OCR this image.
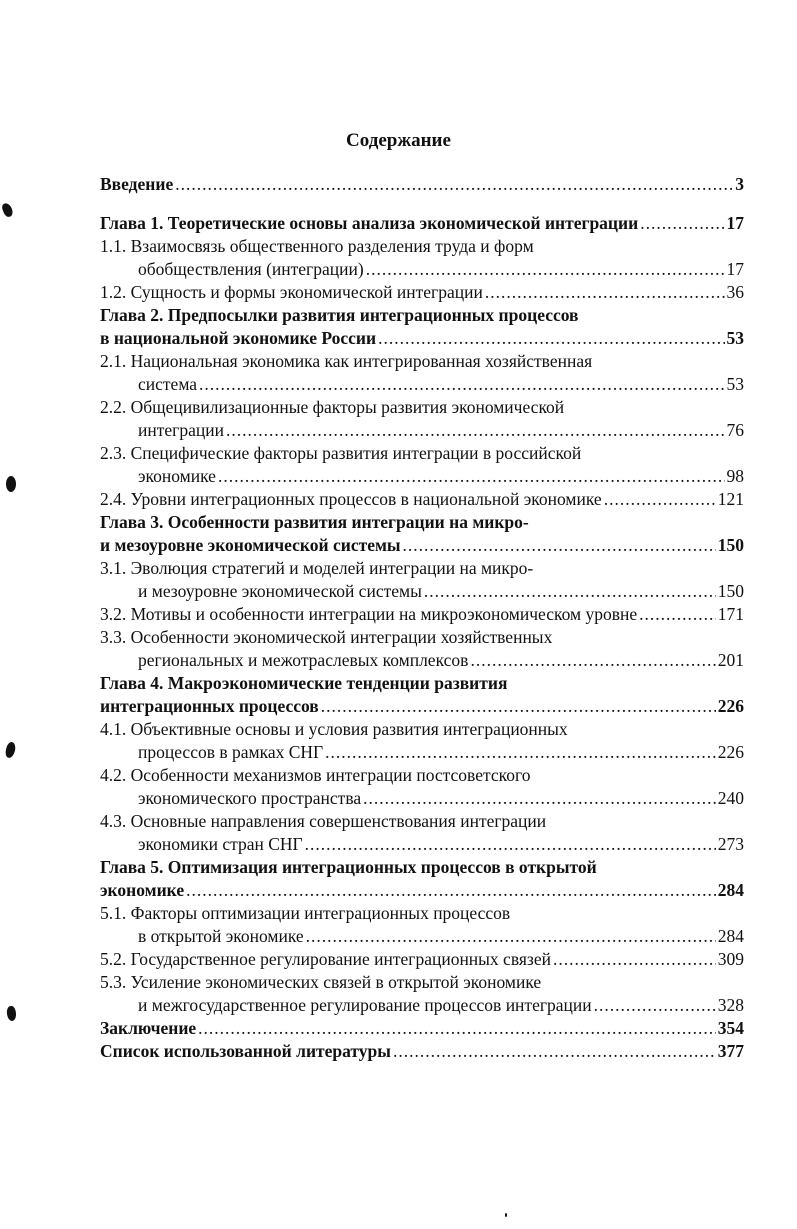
Содержание
Введение .....	3
Глава 1. Теоретические основы анализа экономической интеграции .....	17
1.1. Взаимосвязь общественного разделения труда и форм
обобществления (интеграции) .....	17
1.2. Сущность и формы экономической интеграции .....	36
Глава 2. Предпосылки развития интеграционных процессов
в национальной экономике России .....	53
2.1. Национальная экономика как интегрированная хозяйственная
система .....	53
2.2. Общецивилизационные факторы развития экономической
интеграции .....	76
2.3. Специфические факторы развития интеграции в российской
экономике .....	98
2.4. Уровни интеграционных процессов в национальной экономике .....	121
Глава 3. Особенности развития интеграции на микро-
и мезоуровне экономической системы .....	150
3.1. Эволюция стратегий и моделей интеграции на микро-
и мезоуровне экономической системы .....	150
3.2. Мотивы и особенности интеграции на микроэкономическом уровне .....	171
3.3. Особенности экономической интеграции хозяйственных
региональных и межотраслевых комплексов .....	201
Глава 4. Макроэкономические тенденции развития
интеграционных процессов .....	226
4.1. Объективные основы и условия развития интеграционных
процессов в рамках СНГ .....	226
4.2. Особенности механизмов интеграции постсоветского
экономического пространства .....	240
4.3. Основные направления совершенствования интеграции
экономики стран СНГ .....	273
Глава 5. Оптимизация интеграционных процессов в открытой
экономике .....	284
5.1. Факторы оптимизации интеграционных процессов
в открытой экономике .....	284
5.2. Государственное регулирование интеграционных связей .....	309
5.3. Усиление экономических связей в открытой экономике
и межгосударственное регулирование процессов интеграции .....	328
Заключение .....	354
Список использованной литературы .....	377
